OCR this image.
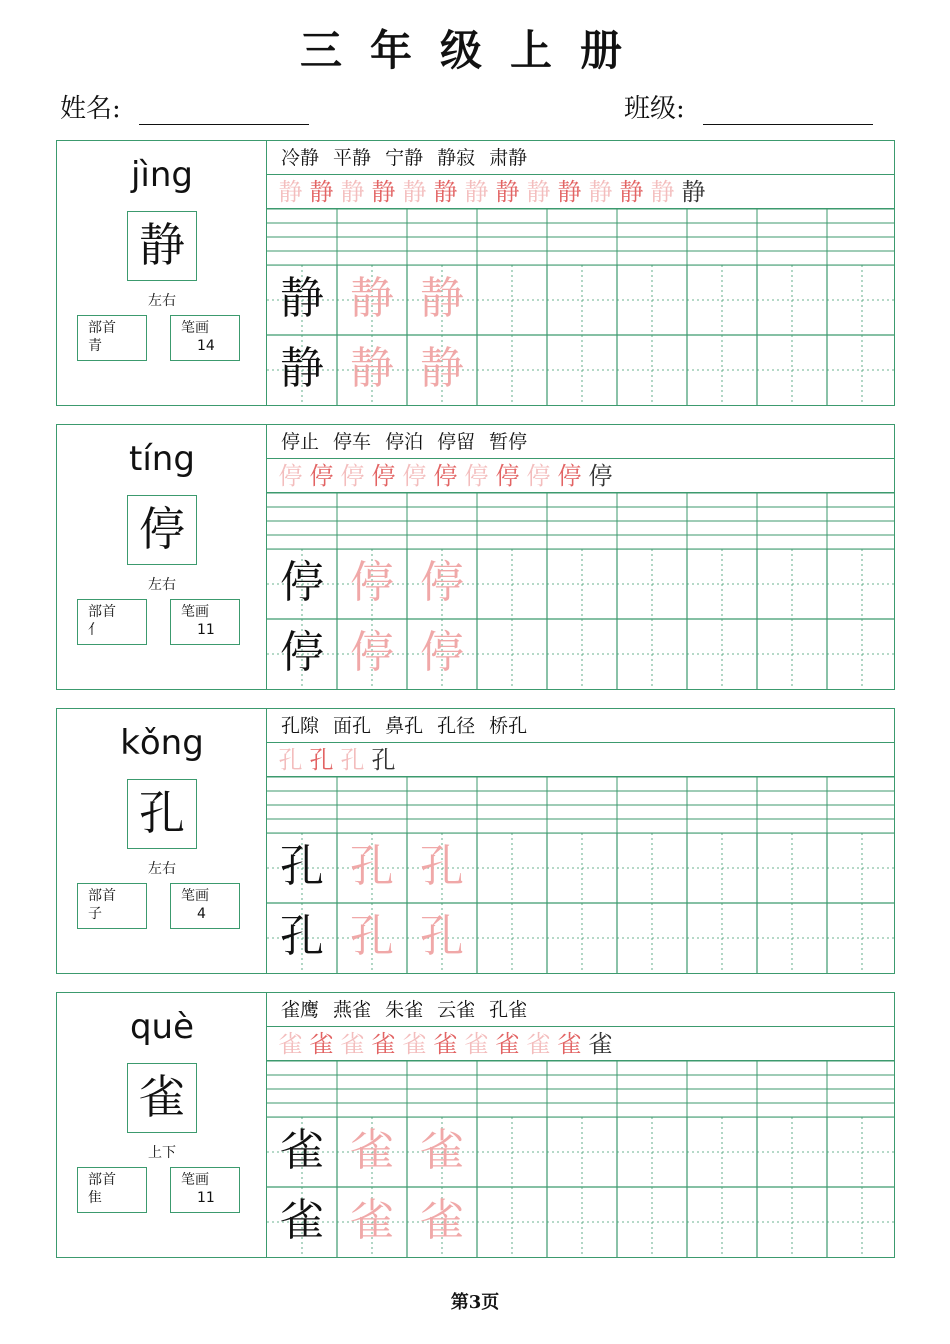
三年级上册
姓名:	班级:
jìng
静
左右
部首
青
笔画
14
冷静 平静 宁静 静寂 肃静
静 静 静 静 静 静 静 静 静 静 静 静 静 静
静 静 静
静 静 静
tíng
停
左右
部首
亻
笔画
11
停止 停车 停泊 停留 暂停
停 停 停 停 停 停 停 停 停 停 停
停 停 停
停 停 停
kǒng
孔
左右
部首
子
笔画
4
孔隙 面孔 鼻孔 孔径 桥孔
孔 孔 孔 孔
孔 孔 孔
孔 孔 孔
què
雀
上下
部首
隹
笔画
11
雀鹰 燕雀 朱雀 云雀 孔雀
雀 雀 雀 雀 雀 雀 雀 雀 雀 雀 雀
雀 雀 雀
雀 雀 雀
第3页
